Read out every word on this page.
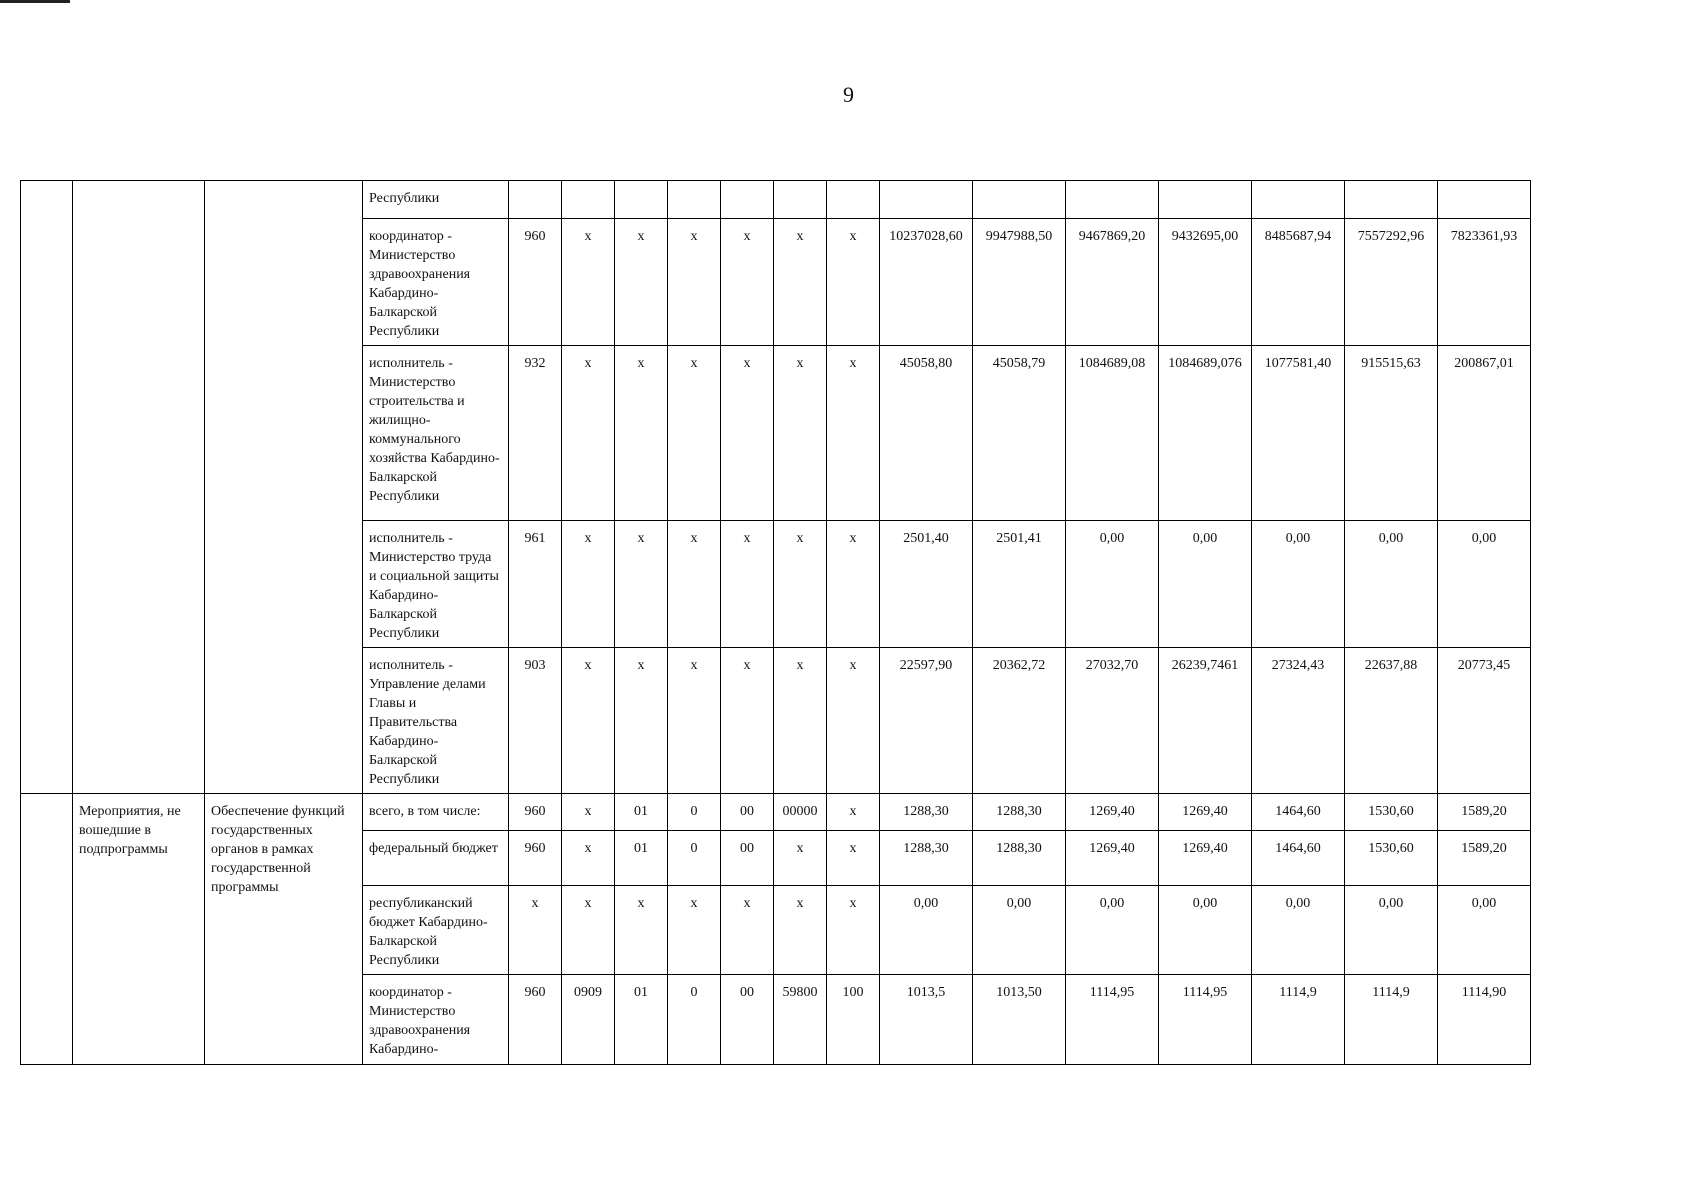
9
			Республики														
			координатор - Министерство здравоохранения Кабардино-Балкарской Республики	960	x	x	x	x	x	x	10237028,60	9947988,50	9467869,20	9432695,00	8485687,94	7557292,96	7823361,93
			исполнитель - Министерство строительства и жилищно-коммунального хозяйства Кабардино-Балкарской Республики	932	x	x	x	x	x	x	45058,80	45058,79	1084689,08	1084689,076	1077581,40	915515,63	200867,01
			исполнитель - Министерство труда и социальной защиты Кабардино-Балкарской Республики	961	x	x	x	x	x	x	2501,40	2501,41	0,00	0,00	0,00	0,00	0,00
			исполнитель - Управление делами Главы и Правительства Кабардино-Балкарской Республики	903	x	x	x	x	x	x	22597,90	20362,72	27032,70	26239,7461	27324,43	22637,88	20773,45
	Мероприятия, не вошедшие в подпрограммы	Обеспечение функций государственных органов в рамках государственной программы	всего, в том числе:	960	x	01	0	00	00000	x	1288,30	1288,30	1269,40	1269,40	1464,60	1530,60	1589,20
			федеральный бюджет	960	x	01	0	00	x	x	1288,30	1288,30	1269,40	1269,40	1464,60	1530,60	1589,20
			республиканский бюджет Кабардино-Балкарской Республики	x	x	x	x	x	x	x	0,00	0,00	0,00	0,00	0,00	0,00	0,00
			координатор - Министерство здравоохранения Кабардино-	960	0909	01	0	00	59800	100	1013,5	1013,50	1114,95	1114,95	1114,9	1114,9	1114,90
